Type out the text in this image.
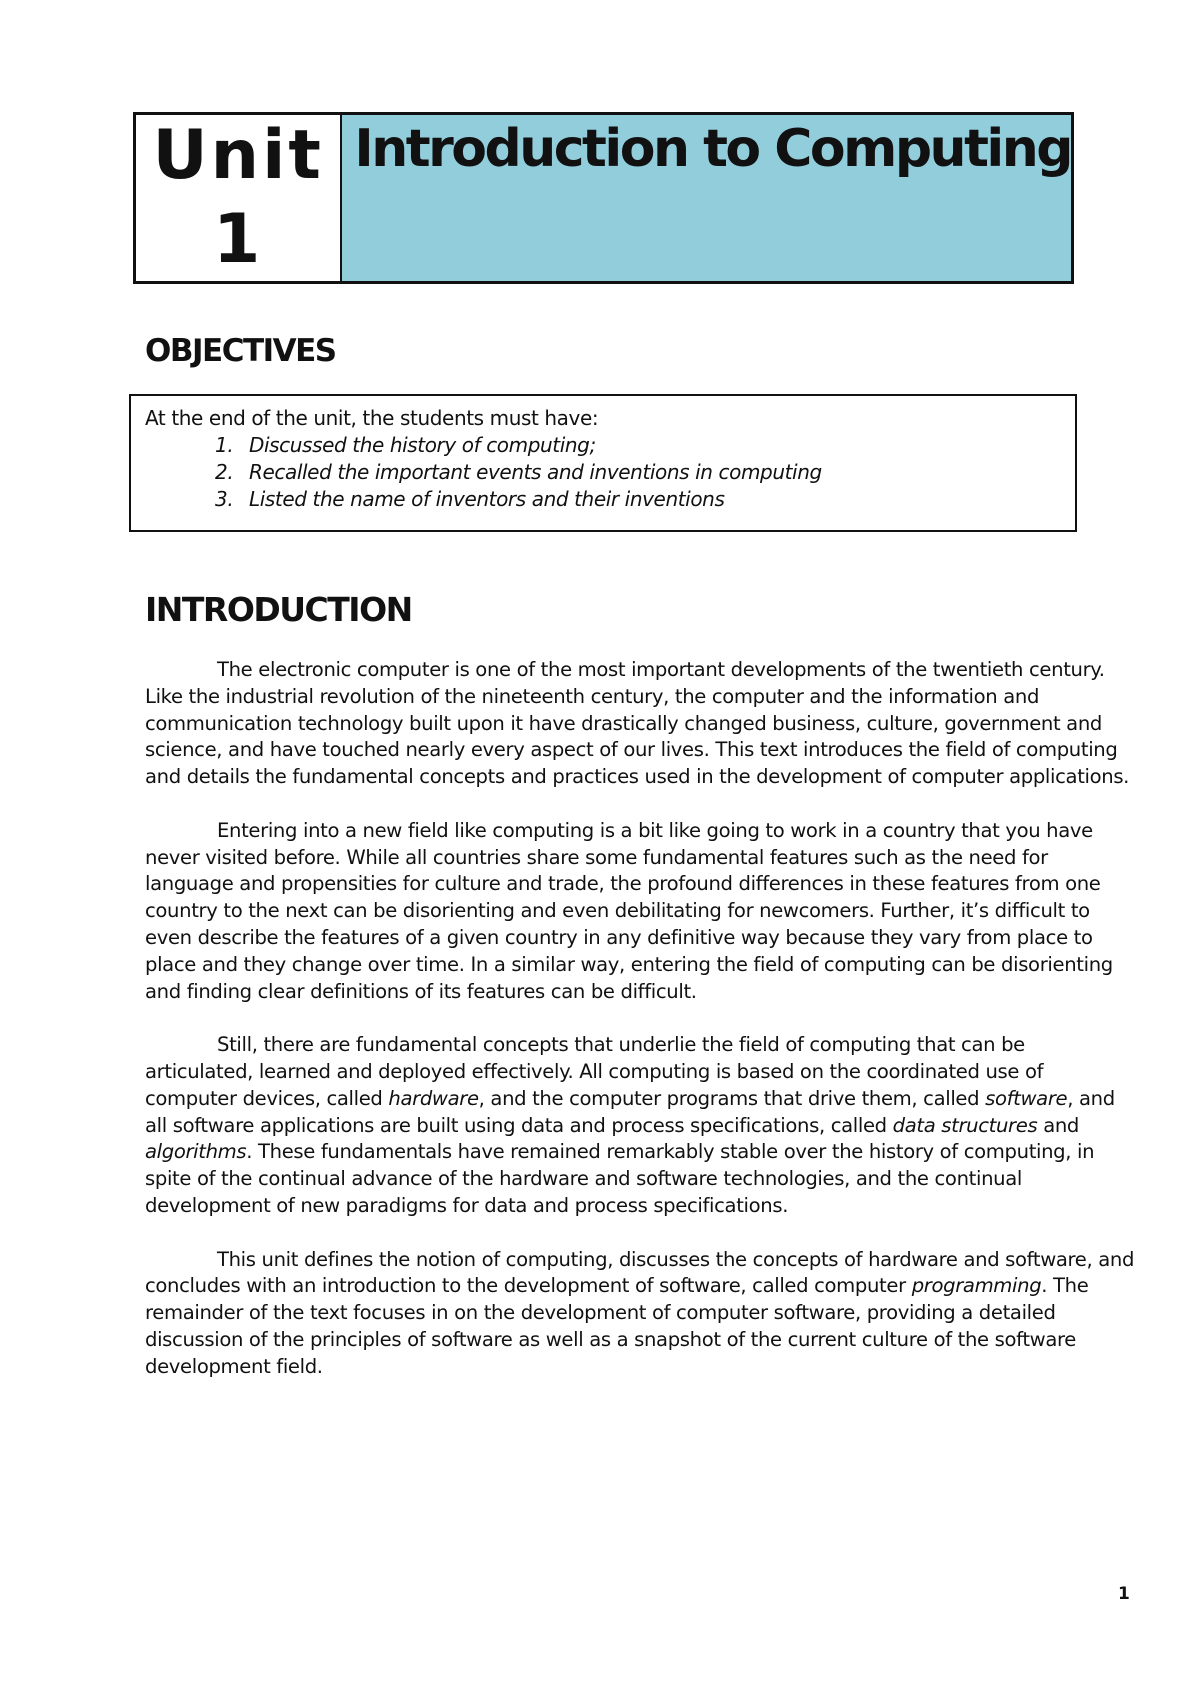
Unit
1
Introduction to Computing
OBJECTIVES
At the end of the unit, the students must have:
1. Discussed the history of computing;
2. Recalled the important events and inventions in computing
3. Listed the name of inventors and their inventions
INTRODUCTION

The electronic computer is one of the most important developments of the twentieth century. Like the industrial revolution of the nineteenth century, the computer and the information and communication technology built upon it have drastically changed business, culture, government and science, and have touched nearly every aspect of our lives. This text introduces the field of computing and details the fundamental concepts and practices used in the development of computer applications.

Entering into a new field like computing is a bit like going to work in a country that you have never visited before. While all countries share some fundamental features such as the need for language and propensities for culture and trade, the profound differences in these features from one country to the next can be disorienting and even debilitating for newcomers. Further, it’s difficult to even describe the features of a given country in any definitive way because they vary from place to place and they change over time. In a similar way, entering the field of computing can be disorienting and finding clear definitions of its features can be difficult.

Still, there are fundamental concepts that underlie the field of computing that can be articulated, learned and deployed effectively. All computing is based on the coordinated use of computer devices, called hardware, and the computer programs that drive them, called software, and all software applications are built using data and process specifications, called data structures and algorithms. These fundamentals have remained remarkably stable over the history of computing, in spite of the continual advance of the hardware and software technologies, and the continual development of new paradigms for data and process specifications.

This unit defines the notion of computing, discusses the concepts of hardware and software, and concludes with an introduction to the development of software, called computer programming. The remainder of the text focuses in on the development of computer software, providing a detailed discussion of the principles of software as well as a snapshot of the current culture of the software development field.

1
